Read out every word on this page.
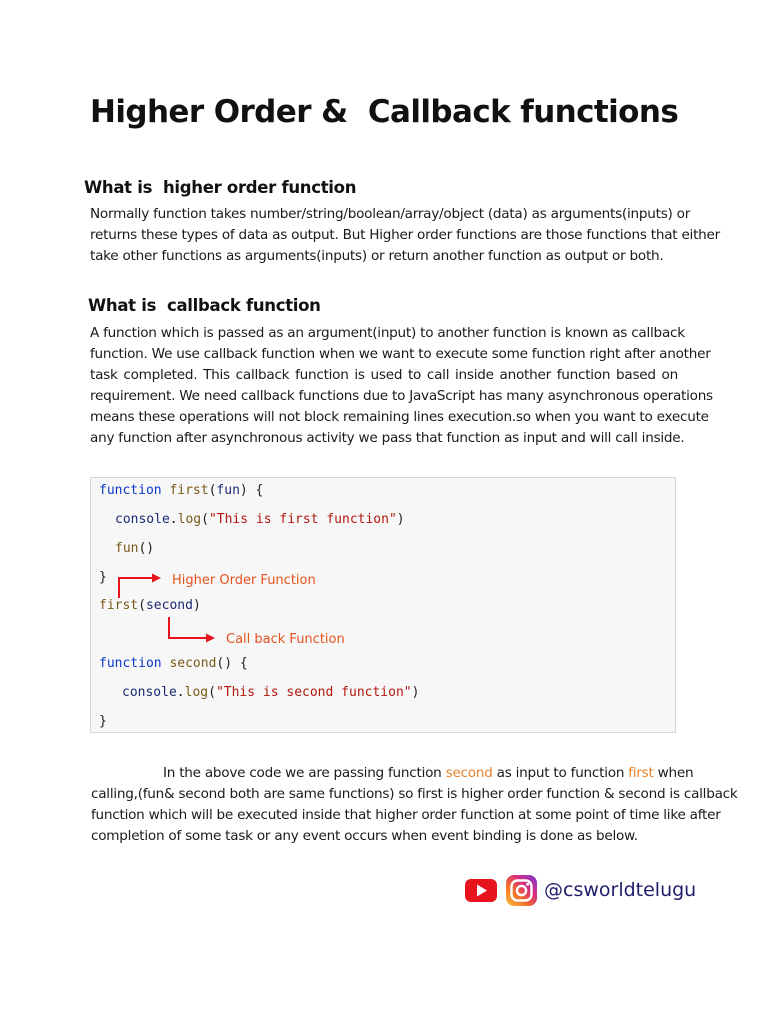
Higher Order &  Callback functions
What is  higher order function
Normally function takes number/string/boolean/array/object (data) as arguments(inputs) or
returns these types of data as output. But Higher order functions are those functions that either
take other functions as arguments(inputs) or return another function as output or both.
What is  callback function
A function which is passed as an argument(input) to another function is known as callback
function. We use callback function when we want to execute some function right after another
task completed. This callback function is used to call inside another function based on
requirement. We need callback functions due to JavaScript has many asynchronous operations
means these operations will not block remaining lines execution.so when you want to execute
any function after asynchronous activity we pass that function as input and will call inside.
function first(fun) {
console.log("This is first function")
fun()
}
first(second)
function second() {
console.log("This is second function")
}
Higher Order Function
Call back Function
In the above code we are passing function second as input to function first when
calling,(fun& second both are same functions) so first is higher order function & second is callback
function which will be executed inside that higher order function at some point of time like after
completion of some task or any event occurs when event binding is done as below.
@csworldtelugu
